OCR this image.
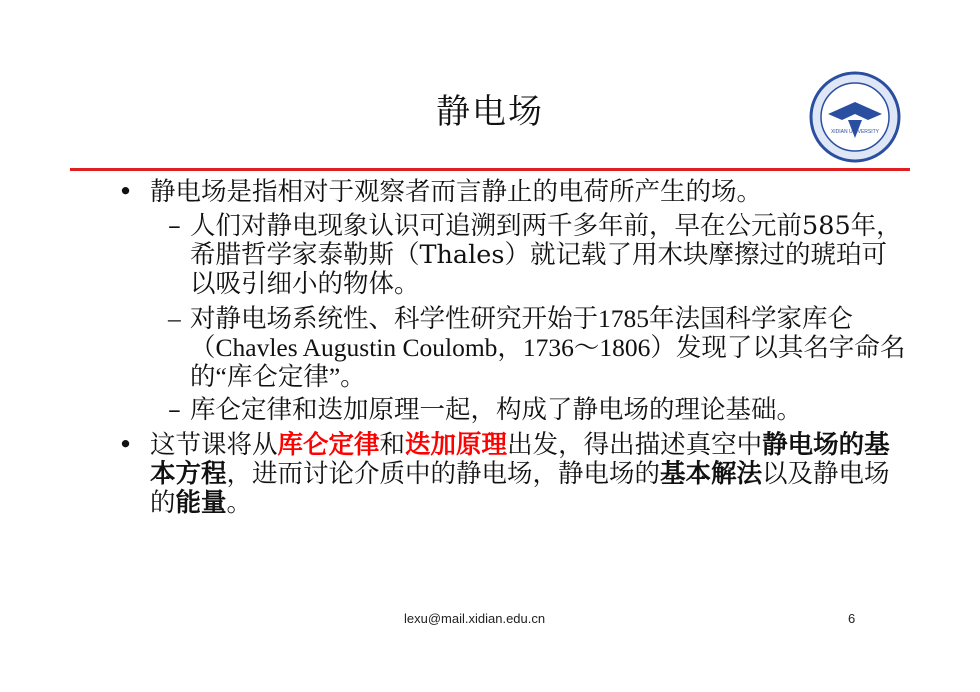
静电场	XIDIAN UNIVERSITY
• 静电场是指相对于观察者而言静止的电荷所产生的场。
– 人们对静电现象认识可追溯到两千多年前，早在公元前585年，希腊哲学家泰勒斯（Thales）就记载了用木块摩擦过的琥珀可以吸引细小的物体。
– 对静电场系统性、科学性研究开始于1785年法国科学家库仑（Chavles Augustin Coulomb，1736～1806）发现了以其名字命名的“库仑定律”。
– 库仑定律和迭加原理一起，构成了静电场的理论基础。
• 这节课将从库仑定律和迭加原理出发，得出描述真空中静电场的基本方程，进而讨论介质中的静电场，静电场的基本解法以及静电场的能量。
lexu@mail.xidian.edu.cn	6
